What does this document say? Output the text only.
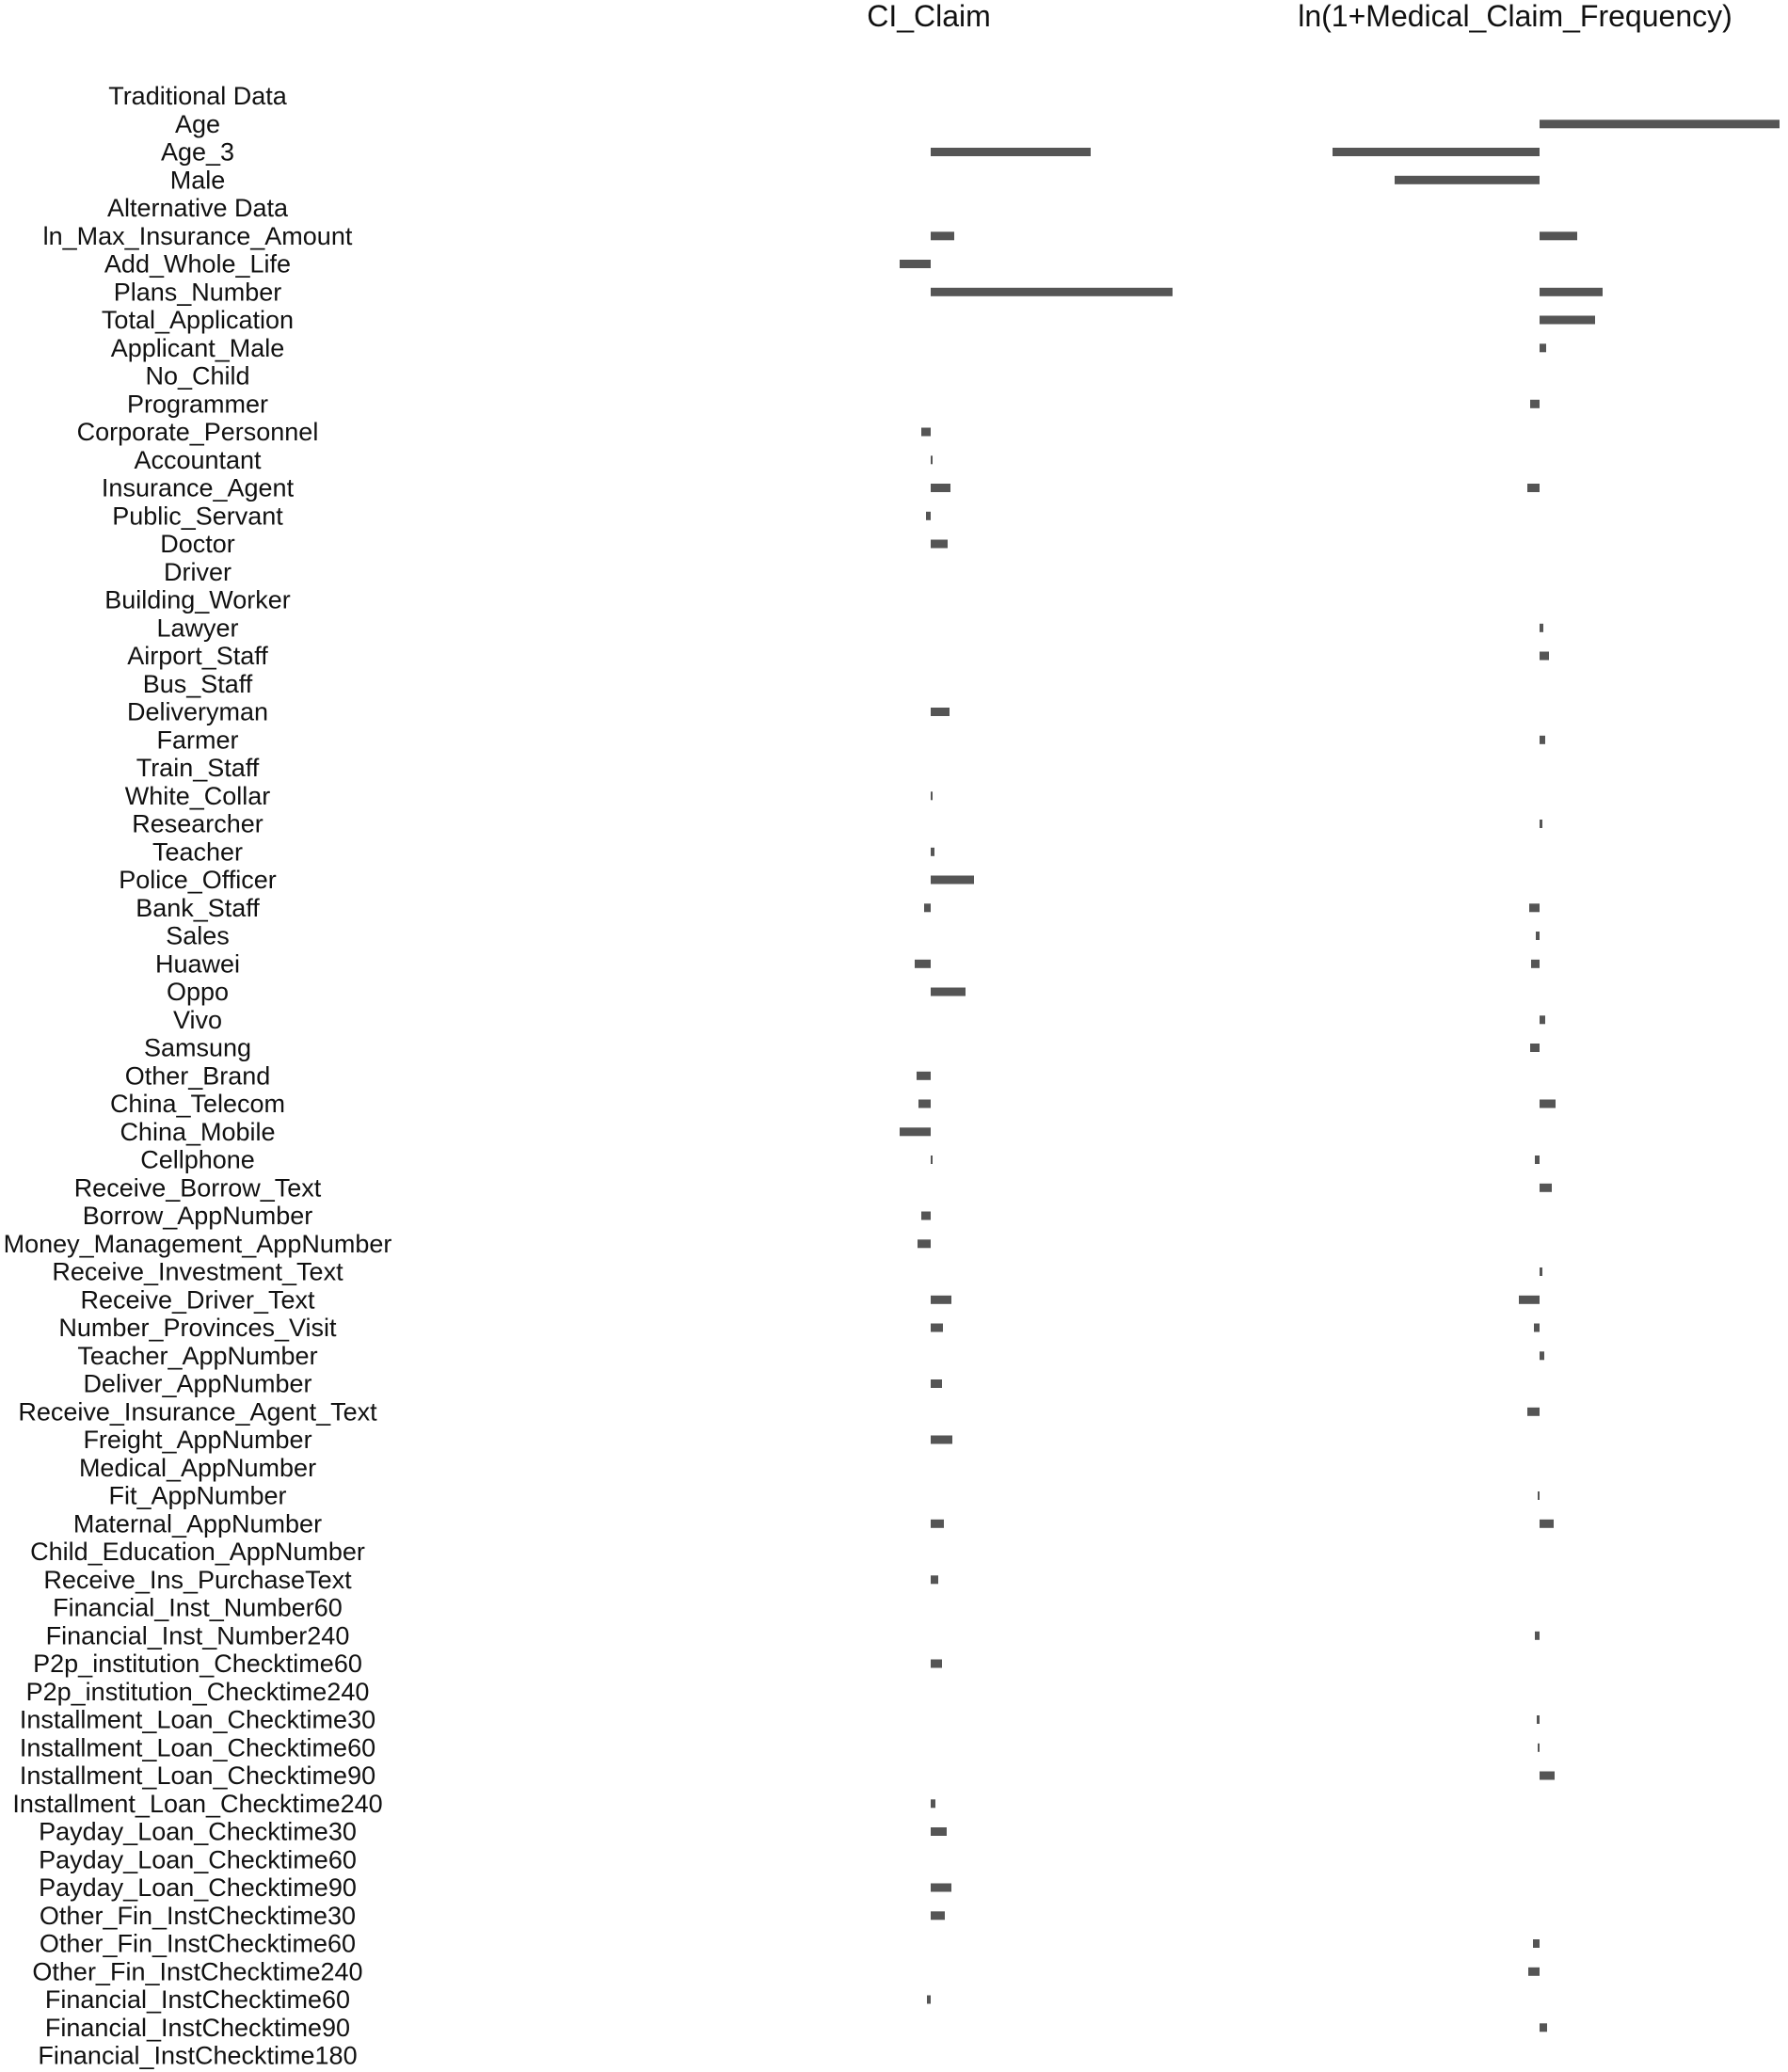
CI_Claim	ln(1+Medical_Claim_Frequency)
Traditional Data
Age
Age_3
Male
Alternative Data
ln_Max_Insurance_Amount
Add_Whole_Life
Plans_Number
Total_Application
Applicant_Male
No_Child
Programmer
Corporate_Personnel
Accountant
Insurance_Agent
Public_Servant
Doctor
Driver
Building_Worker
Lawyer
Airport_Staff
Bus_Staff
Deliveryman
Farmer
Train_Staff
White_Collar
Researcher
Teacher
Police_Officer
Bank_Staff
Sales
Huawei
Oppo
Vivo
Samsung
Other_Brand
China_Telecom
China_Mobile
Cellphone
Receive_Borrow_Text
Borrow_AppNumber
Money_Management_AppNumber
Receive_Investment_Text
Receive_Driver_Text
Number_Provinces_Visit
Teacher_AppNumber
Deliver_AppNumber
Receive_Insurance_Agent_Text
Freight_AppNumber
Medical_AppNumber
Fit_AppNumber
Maternal_AppNumber
Child_Education_AppNumber
Receive_Ins_PurchaseText
Financial_Inst_Number60
Financial_Inst_Number240
P2p_institution_Checktime60
P2p_institution_Checktime240
Installment_Loan_Checktime30
Installment_Loan_Checktime60
Installment_Loan_Checktime90
Installment_Loan_Checktime240
Payday_Loan_Checktime30
Payday_Loan_Checktime60
Payday_Loan_Checktime90
Other_Fin_InstChecktime30
Other_Fin_InstChecktime60
Other_Fin_InstChecktime240
Financial_InstChecktime60
Financial_InstChecktime90
Financial_InstChecktime180
